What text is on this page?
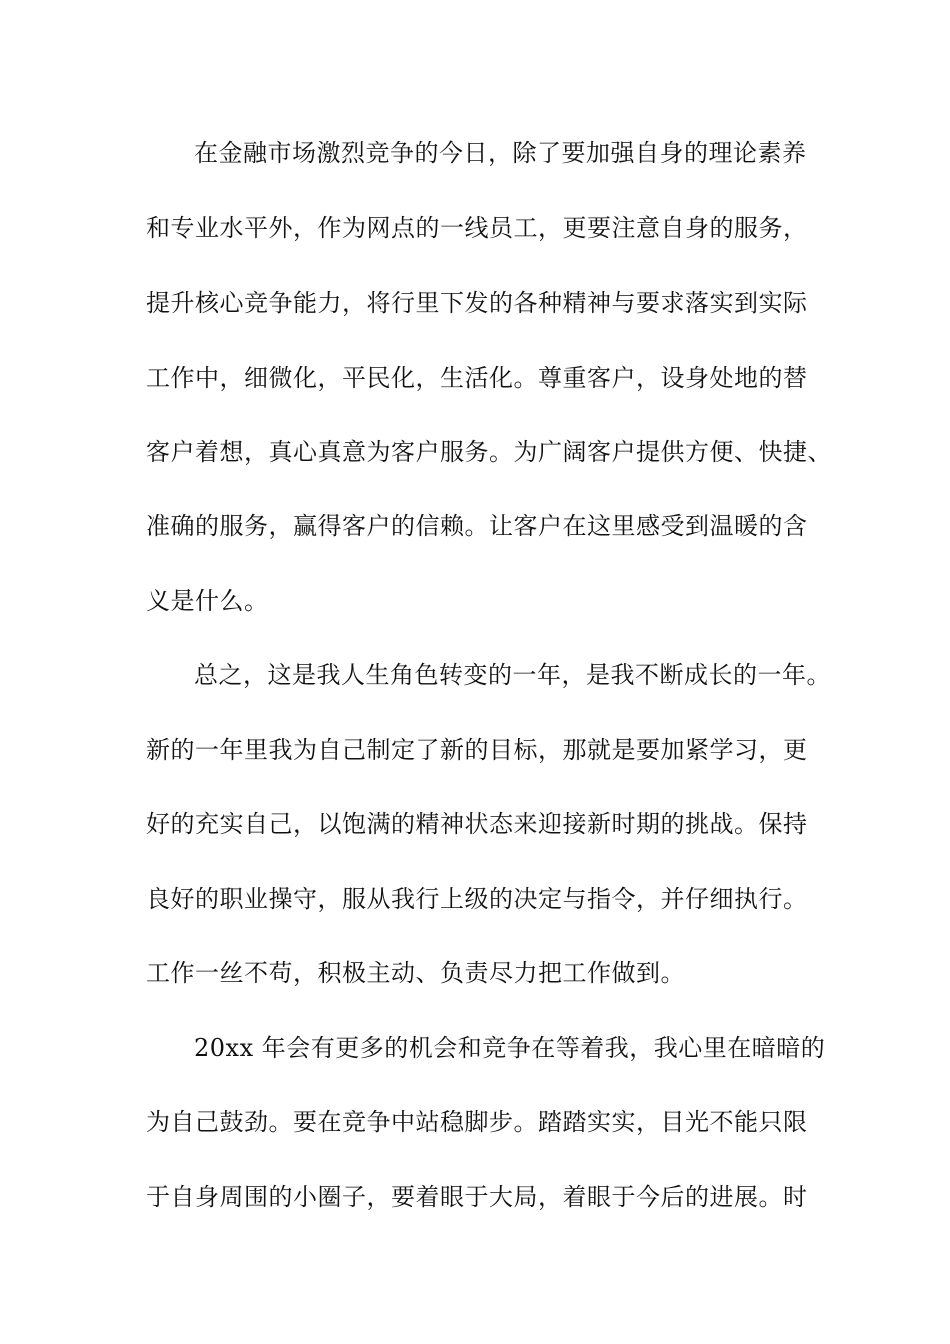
在金融市场激烈竞争的今日，除了要加强自身的理论素养
和专业水平外，作为网点的一线员工，更要注意自身的服务，
提升核心竞争能力，将行里下发的各种精神与要求落实到实际
工作中，细微化，平民化，生活化。尊重客户，设身处地的替
客户着想，真心真意为客户服务。为广阔客户提供方便、快捷、
准确的服务，赢得客户的信赖。让客户在这里感受到温暖的含
义是什么。
总之，这是我人生角色转变的一年，是我不断成长的一年。
新的一年里我为自己制定了新的目标，那就是要加紧学习，更
好的充实自己，以饱满的精神状态来迎接新时期的挑战。保持
良好的职业操守，服从我行上级的决定与指令，并仔细执行。
工作一丝不苟，积极主动、负责尽力把工作做到。
20xx 年会有更多的机会和竞争在等着我，我心里在暗暗的
为自己鼓劲。要在竞争中站稳脚步。踏踏实实，目光不能只限
于自身周围的小圈子，要着眼于大局，着眼于今后的进展。时
